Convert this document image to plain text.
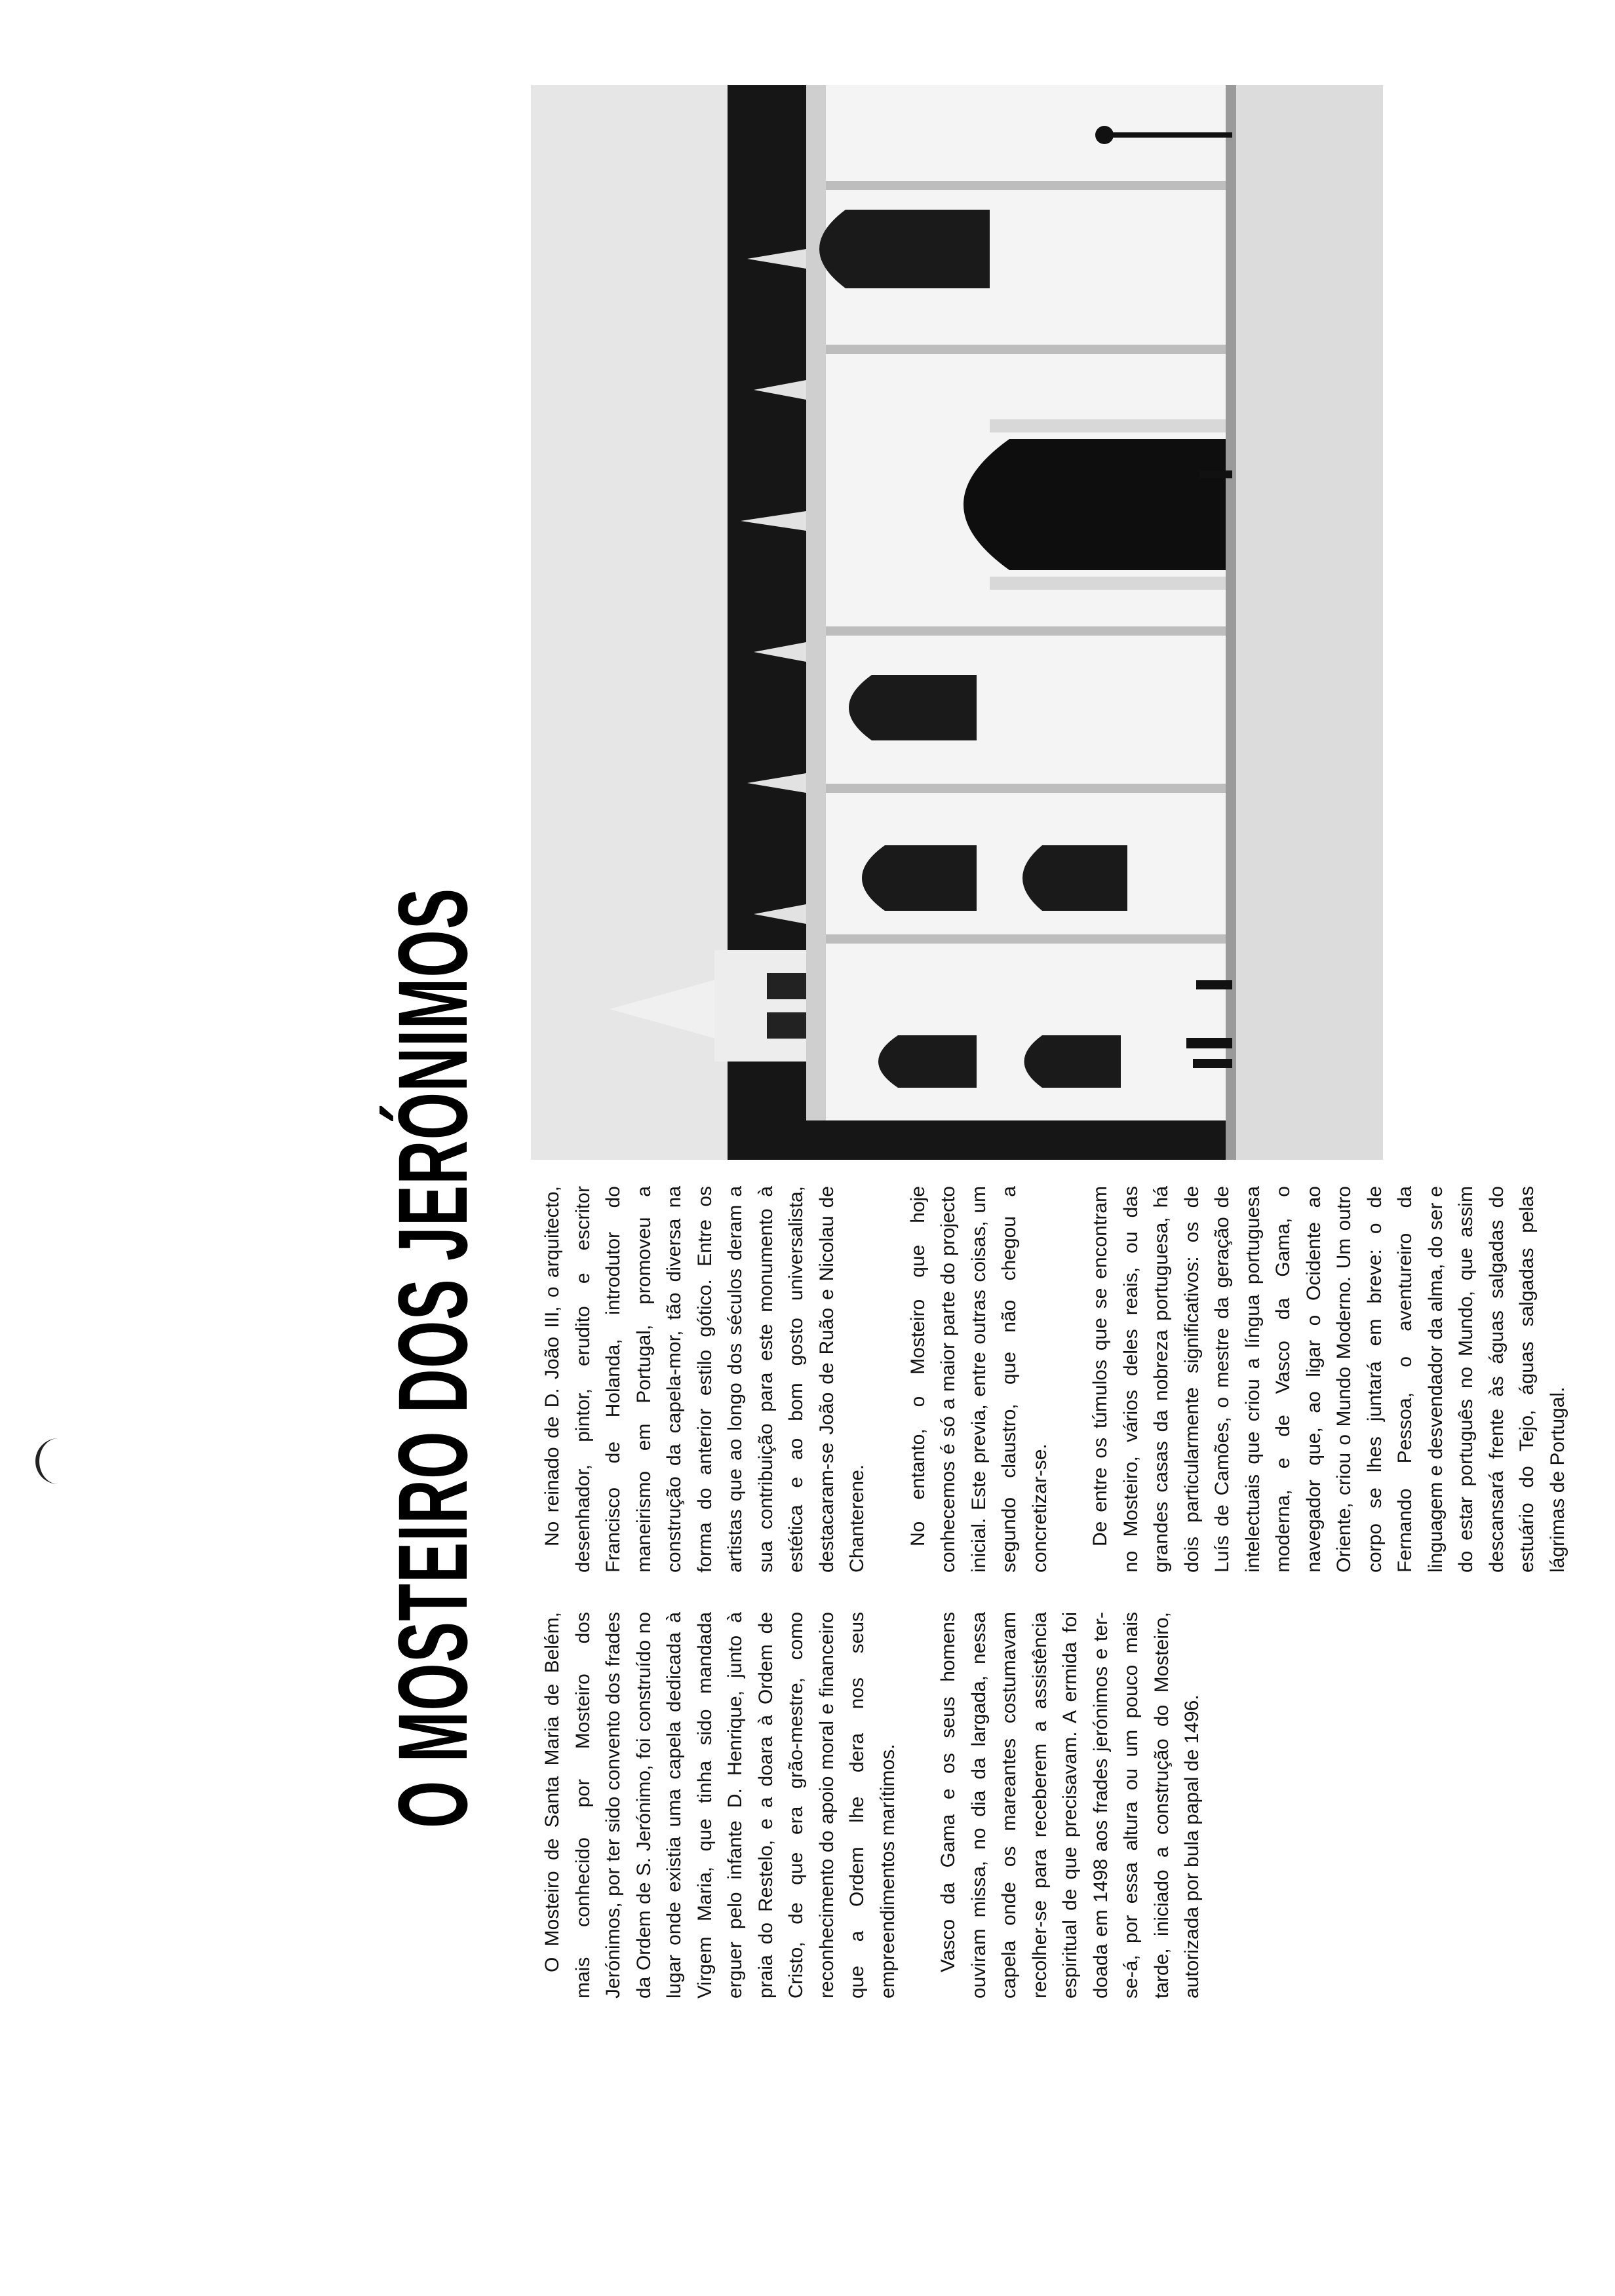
O MOSTEIRO DOS JERÓNIMOS	O Mosteiro de Santa Maria de Belém, mais conhecido por Mosteiro dos Jerónimos, por ter sido convento dos frades da Ordem de S. Jerónimo, foi construído no lugar onde existia uma capela dedicada à Virgem Maria, que tinha sido mandada erguer pelo infante D. Henrique, junto à praia do Restelo, e a doara à Ordem de Cristo, de que era grão-mestre, como reconhecimento do apoio moral e financeiro que a Ordem lhe dera nos seus empreendimentos marítimos. Vasco da Gama e os seus homens ouviram missa, no dia da largada, nessa capela onde os mareantes costumavam recolher-se para receberem a assistência espiritual de que precisavam. A ermida foi doada em 1498 aos frades jerónimos e ter-se-á, por essa altura ou um pouco mais tarde, iniciado a construção do Mosteiro, autorizada por bula papal de 1496.

No reinado de D. João III, o arquitecto, desenhador, pintor, erudito e escritor Francisco de Holanda, introdutor do maneirismo em Portugal, promoveu a construção da capela-mor, tão diversa na forma do anterior estilo gótico. Entre os artistas que ao longo dos séculos deram a sua contribuição para este monumento à estética e ao bom gosto universalista, destacaram-se João de Ruão e Nicolau de Chanterene. No entanto, o Mosteiro que hoje conhecemos é só a maior parte do projecto inicial. Este previa, entre outras coisas, um segundo claustro, que não chegou a concretizar-se. De entre os túmulos que se encontram no Mosteiro, vários deles reais, ou das grandes casas da nobreza portuguesa, há dois particularmente significativos: os de Luís de Camões, o mestre da geração de intelectuais que criou a língua portuguesa moderna, e de Vasco da Gama, o navegador que, ao ligar o Ocidente ao Oriente, criou o Mundo Moderno. Um outro corpo se lhes juntará em breve: o de Fernando Pessoa, o aventureiro da linguagem e desvendador da alma, do ser e do estar português no Mundo, que assim descansará frente às águas salgadas do estuário do Tejo, águas salgadas pelas lágrimas de Portugal.
